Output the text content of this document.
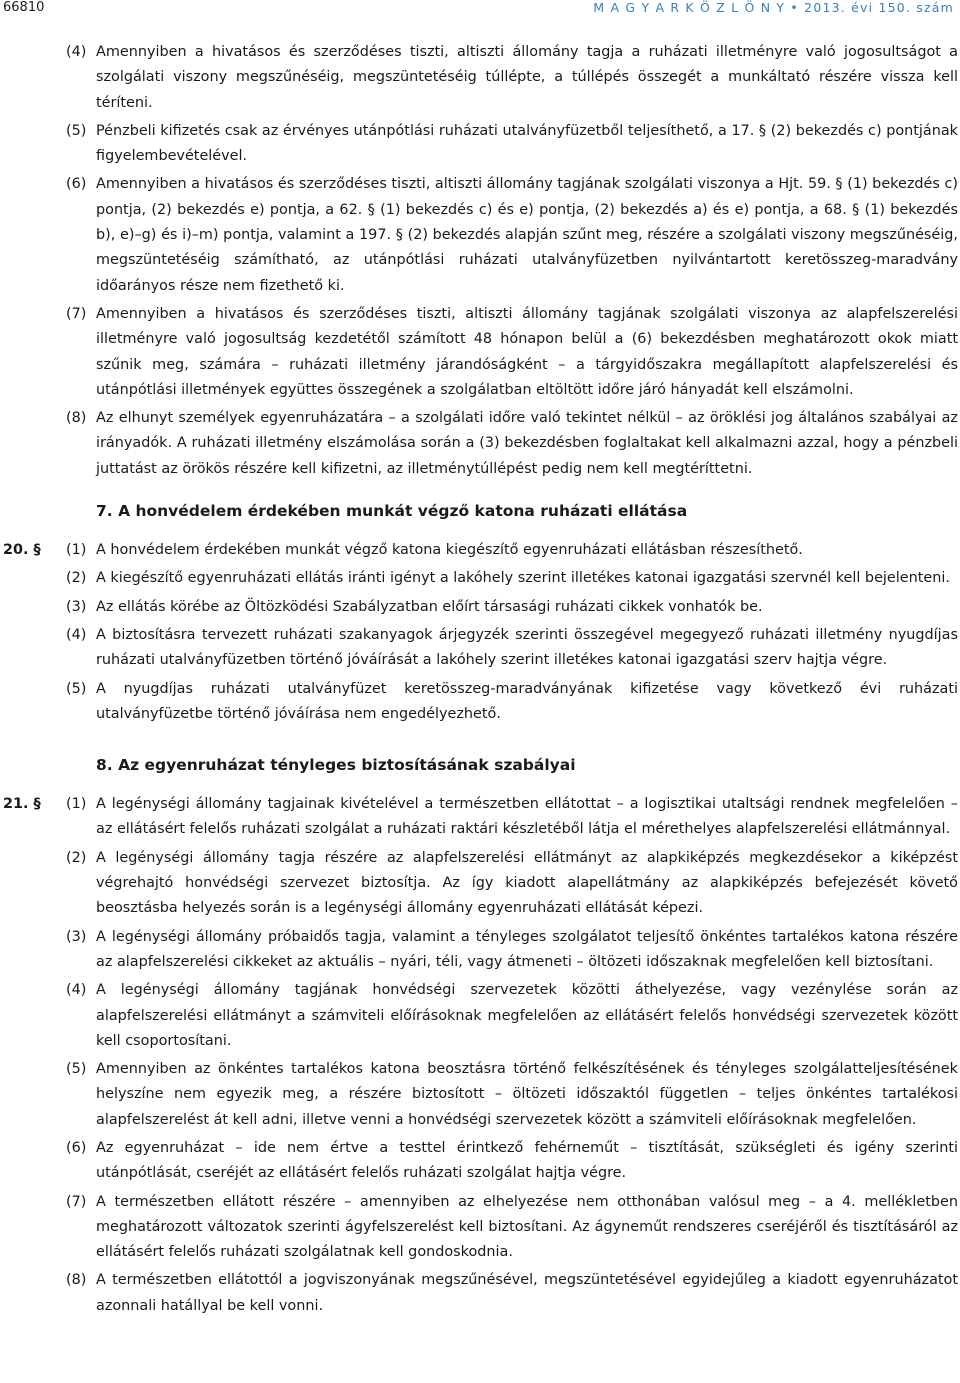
66810	M A G Y A R K Ö Z L Ö N Y • 2013. évi 150. szám
(4) Amennyiben a hivatásos és szerződéses tiszti, altiszti állomány tagja a ruházati illetményre való jogosultságot a szolgálati viszony megszűnéséig, megszüntetéséig túllépte, a túllépés összegét a munkáltató részére vissza kell téríteni.
(5) Pénzbeli kifizetés csak az érvényes utánpótlási ruházati utalványfüzetből teljesíthető, a 17. § (2) bekezdés c) pontjának figyelembevételével.
(6) Amennyiben a hivatásos és szerződéses tiszti, altiszti állomány tagjának szolgálati viszonya a Hjt. 59. § (1) bekezdés c) pontja, (2) bekezdés e) pontja, a 62. § (1) bekezdés c) és e) pontja, (2) bekezdés a) és e) pontja, a 68. § (1) bekezdés b), e)–g) és i)–m) pontja, valamint a 197. § (2) bekezdés alapján szűnt meg, részére a szolgálati viszony megszűnéséig, megszüntetéséig számítható, az utánpótlási ruházati utalványfüzetben nyilvántartott keretösszeg-maradvány időarányos része nem fizethető ki.
(7) Amennyiben a hivatásos és szerződéses tiszti, altiszti állomány tagjának szolgálati viszonya az alapfelszerelési illetményre való jogosultság kezdetétől számított 48 hónapon belül a (6) bekezdésben meghatározott okok miatt szűnik meg, számára – ruházati illetmény járandóságként – a tárgyidőszakra megállapított alapfelszerelési és utánpótlási illetmények együttes összegének a szolgálatban eltöltött időre járó hányadát kell elszámolni.
(8) Az elhunyt személyek egyenruházatára – a szolgálati időre való tekintet nélkül – az öröklési jog általános szabályai az irányadók. A ruházati illetmény elszámolása során a (3) bekezdésben foglaltakat kell alkalmazni azzal, hogy a pénzbeli juttatást az örökös részére kell kifizetni, az illetménytúllépést pedig nem kell megtéríttetni.
7. A honvédelem érdekében munkát végző katona ruházati ellátása
20. § (1) A honvédelem érdekében munkát végző katona kiegészítő egyenruházati ellátásban részesíthető.
(2) A kiegészítő egyenruházati ellátás iránti igényt a lakóhely szerint illetékes katonai igazgatási szervnél kell bejelenteni.
(3) Az ellátás körébe az Öltözködési Szabályzatban előírt társasági ruházati cikkek vonhatók be.
(4) A biztosításra tervezett ruházati szakanyagok árjegyzék szerinti összegével megegyező ruházati illetmény nyugdíjas ruházati utalványfüzetben történő jóváírását a lakóhely szerint illetékes katonai igazgatási szerv hajtja végre.
(5) A nyugdíjas ruházati utalványfüzet keretösszeg-maradványának kifizetése vagy következő évi ruházati utalványfüzetbe történő jóváírása nem engedélyezhető.
8. Az egyenruházat tényleges biztosításának szabályai
21. § (1) A legénységi állomány tagjainak kivételével a természetben ellátottat – a logisztikai utaltsági rendnek megfelelően – az ellátásért felelős ruházati szolgálat a ruházati raktári készletéből látja el mérethelyes alapfelszerelési ellátmánnyal.
(2) A legénységi állomány tagja részére az alapfelszerelési ellátmányt az alapkiképzés megkezdésekor a kiképzést végrehajtó honvédségi szervezet biztosítja. Az így kiadott alapellátmány az alapkiképzés befejezését követő beosztásba helyezés során is a legénységi állomány egyenruházati ellátását képezi.
(3) A legénységi állomány próbaidős tagja, valamint a tényleges szolgálatot teljesítő önkéntes tartalékos katona részére az alapfelszerelési cikkeket az aktuális – nyári, téli, vagy átmeneti – öltözeti időszaknak megfelelően kell biztosítani.
(4) A legénységi állomány tagjának honvédségi szervezetek közötti áthelyezése, vagy vezénylése során az alapfelszerelési ellátmányt a számviteli előírásoknak megfelelően az ellátásért felelős honvédségi szervezetek között kell csoportosítani.
(5) Amennyiben az önkéntes tartalékos katona beosztásra történő felkészítésének és tényleges szolgálatteljesítésének helyszíne nem egyezik meg, a részére biztosított – öltözeti időszaktól független – teljes önkéntes tartalékosi alapfelszerelést át kell adni, illetve venni a honvédségi szervezetek között a számviteli előírásoknak megfelelően.
(6) Az egyenruházat – ide nem értve a testtel érintkező fehérneműt – tisztítását, szükségleti és igény szerinti utánpótlását, cseréjét az ellátásért felelős ruházati szolgálat hajtja végre.
(7) A természetben ellátott részére – amennyiben az elhelyezése nem otthonában valósul meg – a 4. mellékletben meghatározott változatok szerinti ágyfelszerelést kell biztosítani. Az ágyneműt rendszeres cseréjéről és tisztításáról az ellátásért felelős ruházati szolgálatnak kell gondoskodnia.
(8) A természetben ellátottól a jogviszonyának megszűnésével, megszüntetésével egyidejűleg a kiadott egyenruházatot azonnali hatállyal be kell vonni.
